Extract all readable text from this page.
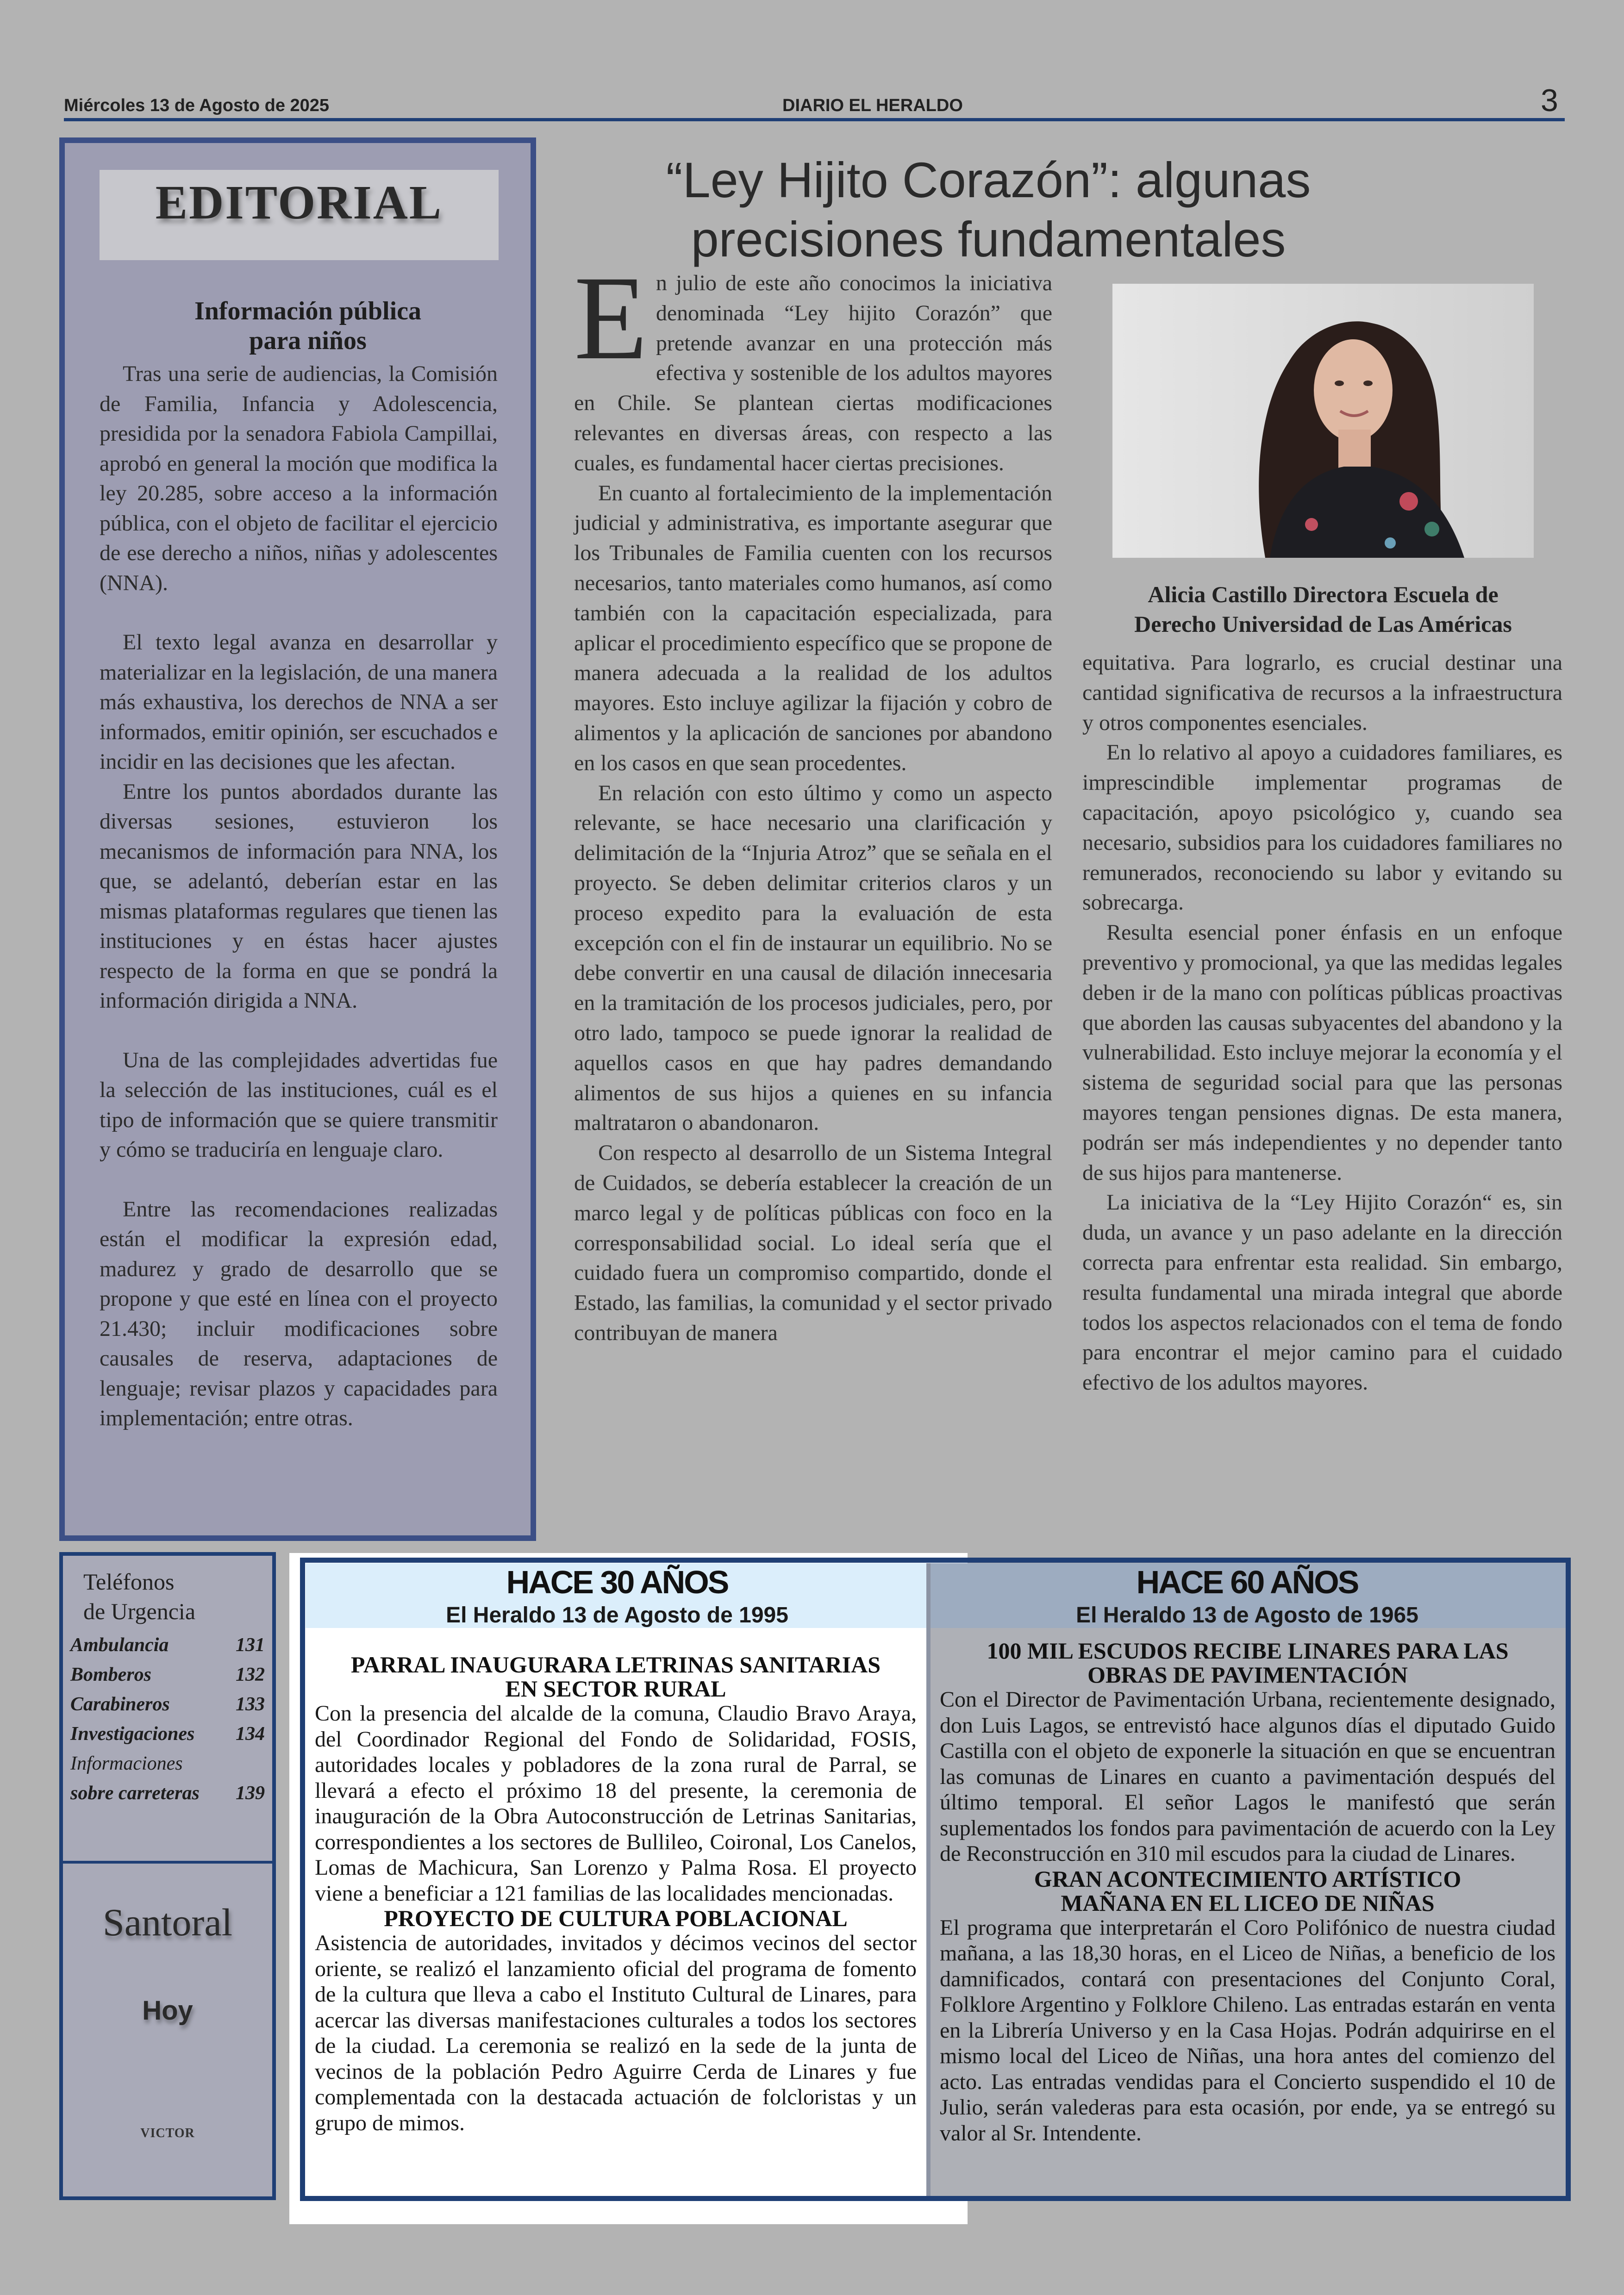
Miércoles 13 de Agosto de 2025	DIARIO EL HERALDO	3
EDITORIAL
Información pública
para niños

Tras una serie de audiencias, la Comisión de Familia, Infancia y Adolescencia, presidida por la senadora Fabiola Campillai, aprobó en general la moción que modifica la ley 20.285, sobre acceso a la información pública, con el objeto de facilitar el ejercicio de ese derecho a niños, niñas y adolescentes (NNA).

El texto legal avanza en desarrollar y materializar en la legislación, de una manera más exhaustiva, los derechos de NNA a ser informados, emitir opinión, ser escuchados e incidir en las decisiones que les afectan.

Entre los puntos abordados durante las diversas sesiones, estuvieron los mecanismos de información para NNA, los que, se adelantó, deberían estar en las mismas plataformas regulares que tienen las instituciones y en éstas hacer ajustes respecto de la forma en que se pondrá la información dirigida a NNA.

Una de las complejidades advertidas fue la selección de las instituciones, cuál es el tipo de información que se quiere transmitir y cómo se traduciría en lenguaje claro.

Entre las recomendaciones realizadas están el modificar la expresión edad, madurez y grado de desarrollo que se propone y que esté en línea con el proyecto 21.430; incluir modificaciones sobre causales de reserva, adaptaciones de lenguaje; revisar plazos y capacidades para implementación; entre otras.

“Ley Hijito Corazón”: algunas
precisiones fundamentales

En julio de este año conocimos la iniciativa denominada “Ley hijito Corazón” que pretende avanzar en una protección más efectiva y sostenible de los adultos mayores en Chile. Se plantean ciertas modificaciones relevantes en diversas áreas, con respecto a las cuales, es fundamental hacer ciertas precisiones.

En cuanto al fortalecimiento de la implementación judicial y administrativa, es importante asegurar que los Tribunales de Familia cuenten con los recursos necesarios, tanto materiales como humanos, así como también con la capacitación especializada, para aplicar el procedimiento específico que se propone de manera adecuada a la realidad de los adultos mayores. Esto incluye agilizar la fijación y cobro de alimentos y la aplicación de sanciones por abandono en los casos en que sean procedentes.

En relación con esto último y como un aspecto relevante, se hace necesario una clarificación y delimitación de la “Injuria Atroz” que se señala en el proyecto. Se deben delimitar criterios claros y un proceso expedito para la evaluación de esta excepción con el fin de instaurar un equilibrio. No se debe convertir en una causal de dilación innecesaria en la tramitación de los procesos judiciales, pero, por otro lado, tampoco se puede ignorar la realidad de aquellos casos en que hay padres demandando alimentos de sus hijos a quienes en su infancia maltrataron o abandonaron.

Con respecto al desarrollo de un Sistema Integral de Cuidados, se debería establecer la creación de un marco legal y de políticas públicas con foco en la corresponsabilidad social. Lo ideal sería que el cuidado fuera un compromiso compartido, donde el Estado, las familias, la comunidad y el sector privado contribuyan de manera

Alicia Castillo Directora Escuela de
Derecho Universidad de Las Américas

equitativa. Para lograrlo, es crucial destinar una cantidad significativa de recursos a la infraestructura y otros componentes esenciales.

En lo relativo al apoyo a cuidadores familiares, es imprescindible implementar programas de capacitación, apoyo psicológico y, cuando sea necesario, subsidios para los cuidadores familiares no remunerados, reconociendo su labor y evitando su sobrecarga.

Resulta esencial poner énfasis en un enfoque preventivo y promocional, ya que las medidas legales deben ir de la mano con políticas públicas proactivas que aborden las causas subyacentes del abandono y la vulnerabilidad. Esto incluye mejorar la economía y el sistema de seguridad social para que las personas mayores tengan pensiones dignas. De esta manera, podrán ser más independientes y no depender tanto de sus hijos para mantenerse.

La iniciativa de la “Ley Hijito Corazón“ es, sin duda, un avance y un paso adelante en la dirección correcta para enfrentar esta realidad. Sin embargo, resulta fundamental una mirada integral que aborde todos los aspectos relacionados con el tema de fondo para encontrar el mejor camino para el cuidado efectivo de los adultos mayores.

Teléfonos
de Urgencia
Ambulancia	131
Bomberos	132
Carabineros	133
Investigaciones 134
Informaciones
sobre carreteras 139
Santoral
Hoy
VICTOR
HACE 30 AÑOS
El Heraldo 13 de Agosto de 1995
PARRAL INAUGURARA LETRINAS SANITARIAS
EN SECTOR RURAL
Con la presencia del alcalde de la comuna, Claudio Bravo Araya, del Coordinador Regional del Fondo de Solidaridad, FOSIS, autoridades locales y pobladores de la zona rural de Parral, se llevará a efecto el próximo 18 del presente, la ceremonia de inauguración de la Obra Autoconstrucción de Letrinas Sanitarias, correspondientes a los sectores de Bullileo, Coironal, Los Canelos, Lomas de Machicura, San Lorenzo y Palma Rosa. El proyecto viene a beneficiar a 121 familias de las localidades mencionadas.
PROYECTO DE CULTURA POBLACIONAL
Asistencia de autoridades, invitados y décimos vecinos del sector oriente, se realizó el lanzamiento oficial del programa de fomento de la cultura que lleva a cabo el Instituto Cultural de Linares, para acercar las diversas manifestaciones culturales a todos los sectores de la ciudad. La ceremonia se realizó en la sede de la junta de vecinos de la población Pedro Aguirre Cerda de Linares y fue complementada con la destacada actuación de folcloristas y un grupo de mimos.
HACE 60 AÑOS
El Heraldo 13 de Agosto de 1965
100 MIL ESCUDOS RECIBE LINARES PARA LAS
OBRAS DE PAVIMENTACIÓN
Con el Director de Pavimentación Urbana, recientemente designado, don Luis Lagos, se entrevistó hace algunos días el diputado Guido Castilla con el objeto de exponerle la situación en que se encuentran las comunas de Linares en cuanto a pavimentación después del último temporal. El señor Lagos le manifestó que serán suplementados los fondos para pavimentación de acuerdo con la Ley de Reconstrucción en 310 mil escudos para la ciudad de Linares.
GRAN ACONTECIMIENTO ARTÍSTICO
MAÑANA EN EL LICEO DE NIÑAS
El programa que interpretarán el Coro Polifónico de nuestra ciudad mañana, a las 18,30 horas, en el Liceo de Niñas, a beneficio de los damnificados, contará con presentaciones del Conjunto Coral, Folklore Argentino y Folklore Chileno. Las entradas estarán en venta en la Librería Universo y en la Casa Hojas. Podrán adquirirse en el mismo local del Liceo de Niñas, una hora antes del comienzo del acto. Las entradas vendidas para el Concierto suspendido el 10 de Julio, serán valederas para esta ocasión, por ende, ya se entregó su valor al Sr. Intendente.
